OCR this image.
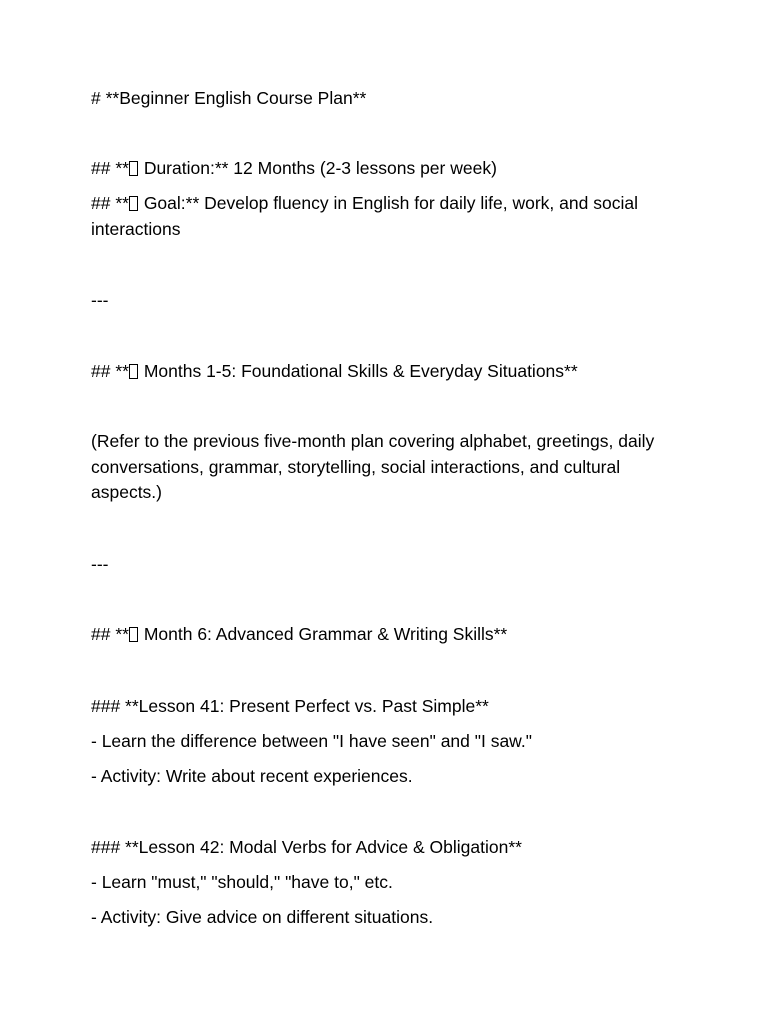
# **Beginner English Course Plan**
## ** Duration:** 12 Months (2-3 lessons per week)
## ** Goal:** Develop fluency in English for daily life, work, and social interactions
---
## ** Months 1-5: Foundational Skills & Everyday Situations**
(Refer to the previous five-month plan covering alphabet, greetings, daily conversations, grammar, storytelling, social interactions, and cultural aspects.)
---
## ** Month 6: Advanced Grammar & Writing Skills**
### **Lesson 41: Present Perfect vs. Past Simple**
- Learn the difference between "I have seen" and "I saw."
- Activity: Write about recent experiences.
### **Lesson 42: Modal Verbs for Advice & Obligation**
- Learn "must," "should," "have to," etc.
- Activity: Give advice on different situations.
